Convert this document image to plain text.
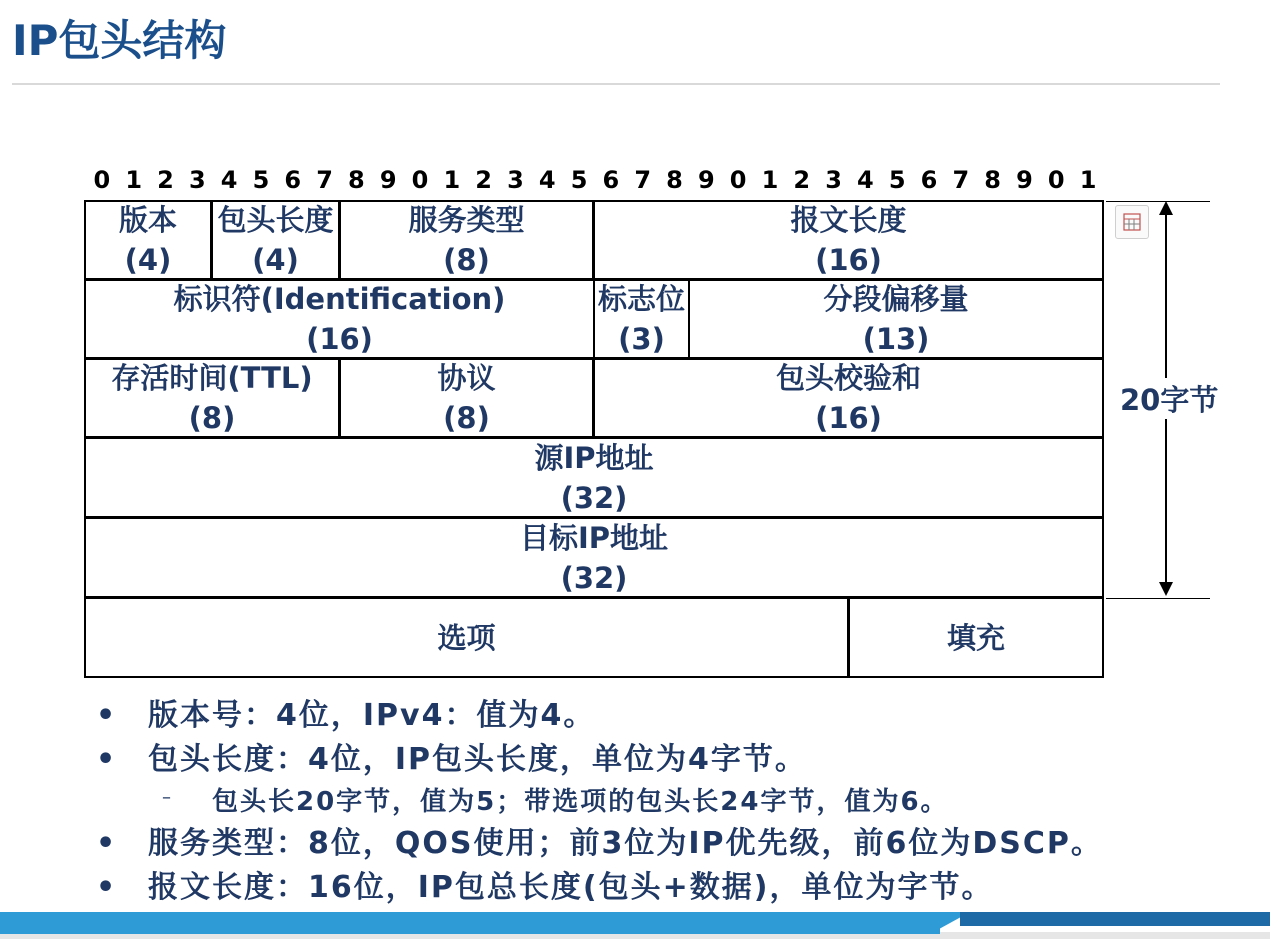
IP包头结构
0 1 2 3 4 5 6 7 8 9 0 1 2 3 4 5 6 7 8 9 0 1 2 3 4 5 6 7 8 9 0 1
版本
(4)
包头长度
(4)
服务类型
(8)
报文长度
(16)
标识符(Identification)
(16)
标志位
(3)
分段偏移量
(13)
存活时间(TTL)
(8)
协议
(8)
包头校验和
(16)
源IP地址
(32)
目标IP地址
(32)
选项	填充
20字节
• 版本号：4位，IPv4：值为4。
• 包头长度：4位，IP包头长度，单位为4字节。
– 包头长20字节，值为5；带选项的包头长24字节，值为6。
• 服务类型：8位，QOS使用；前3位为IP优先级，前6位为DSCP。
• 报文长度：16位，IP包总长度(包头+数据)，单位为字节。
